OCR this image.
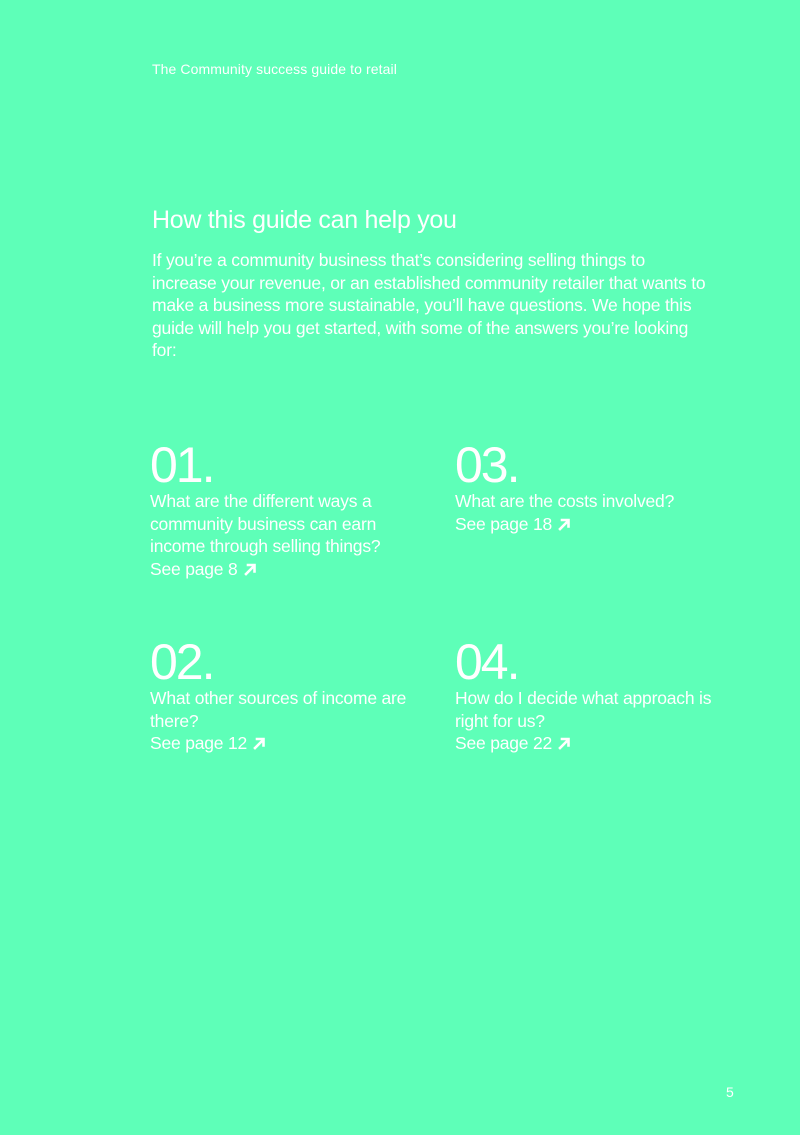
The Community success guide to retail
How this guide can help you

If you’re a community business that’s considering selling things to increase your revenue, or an established community retailer that wants to make a business more sustainable, you’ll have questions. We hope this guide will help you get started, with some of the answers you’re looking for:

01.

What are the different ways a community business can earn income through selling things?

See page 8
03.

What are the costs involved?

See page 18
02.

What other sources of income are there?

See page 12
04.

How do I decide what approach is right for us?

See page 22
5
